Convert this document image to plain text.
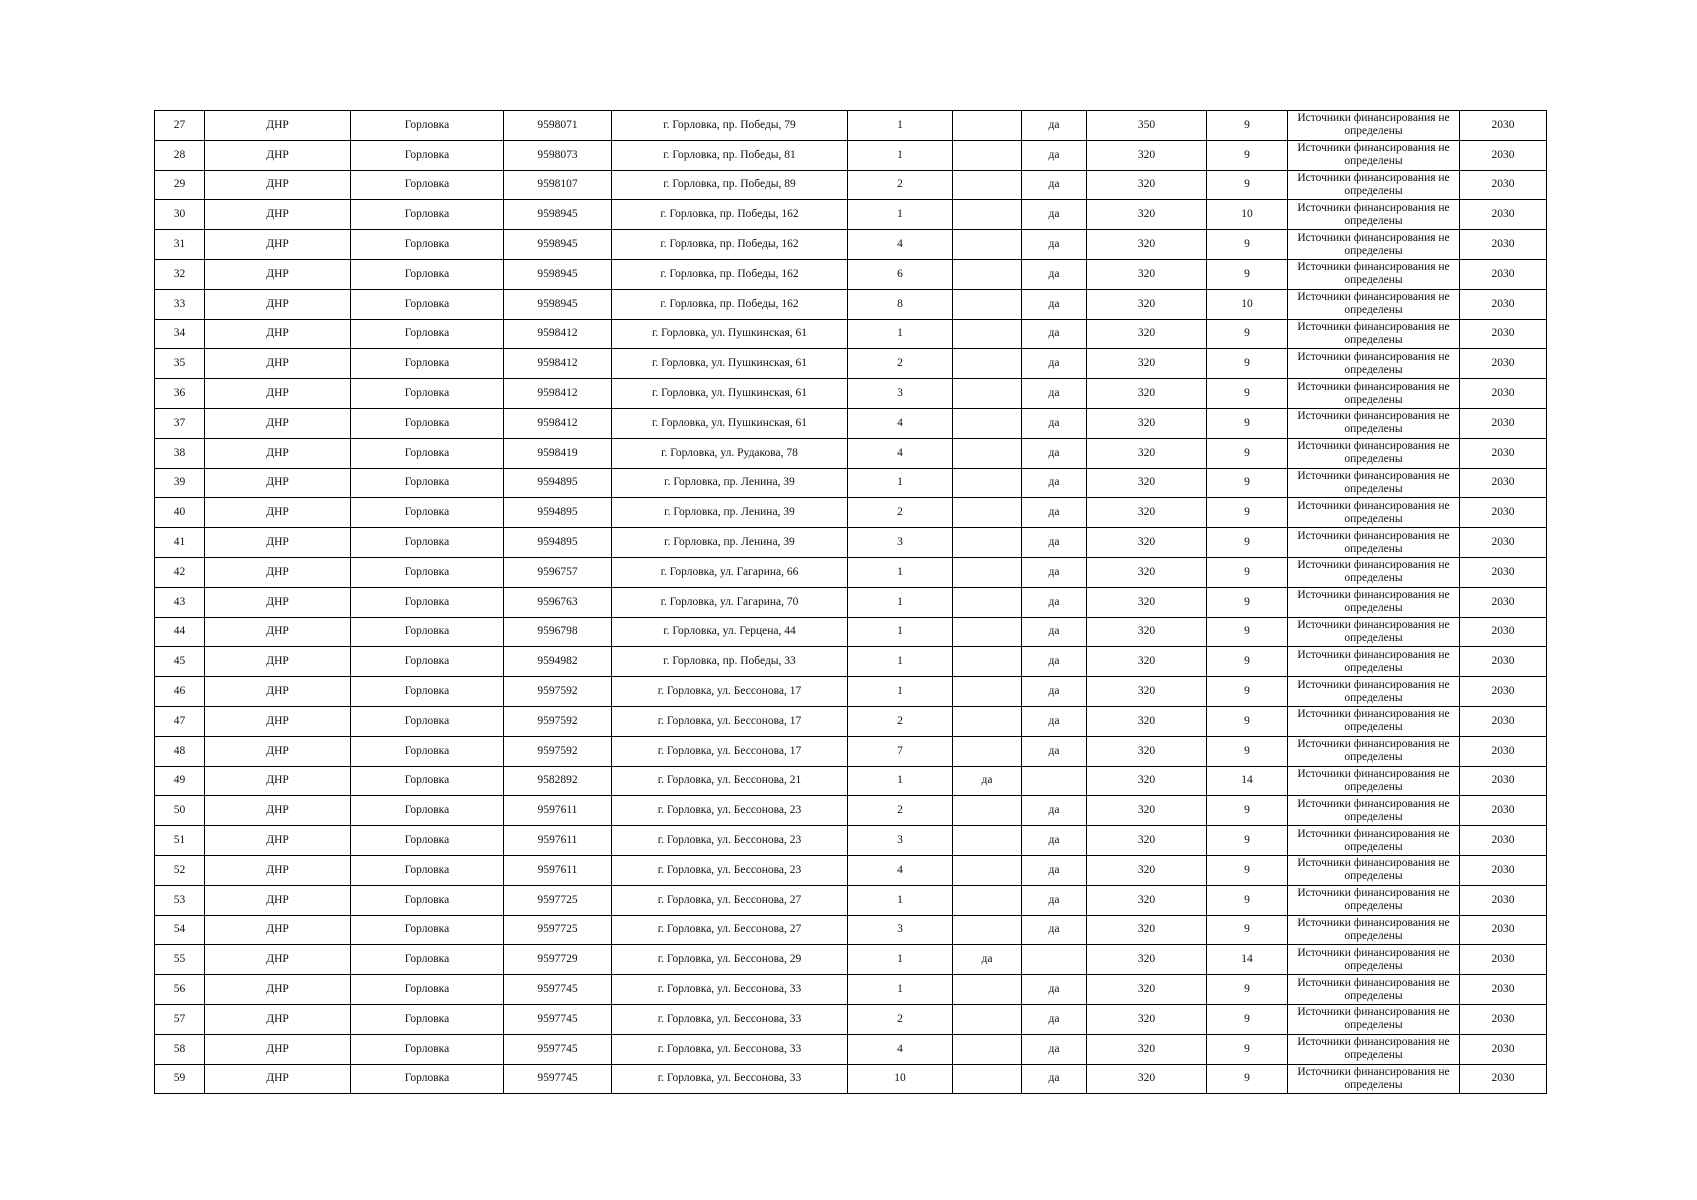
27	ДНР	Горловка	9598071	г. Горловка, пр. Победы, 79	1		да	350	9	Источники финансирования не определены	2030
28	ДНР	Горловка	9598073	г. Горловка, пр. Победы, 81	1		да	320	9	Источники финансирования не определены	2030
29	ДНР	Горловка	9598107	г. Горловка, пр. Победы, 89	2		да	320	9	Источники финансирования не определены	2030
30	ДНР	Горловка	9598945	г. Горловка, пр. Победы, 162	1		да	320	10	Источники финансирования не определены	2030
31	ДНР	Горловка	9598945	г. Горловка, пр. Победы, 162	4		да	320	9	Источники финансирования не определены	2030
32	ДНР	Горловка	9598945	г. Горловка, пр. Победы, 162	6		да	320	9	Источники финансирования не определены	2030
33	ДНР	Горловка	9598945	г. Горловка, пр. Победы, 162	8		да	320	10	Источники финансирования не определены	2030
34	ДНР	Горловка	9598412	г. Горловка, ул. Пушкинская, 61	1		да	320	9	Источники финансирования не определены	2030
35	ДНР	Горловка	9598412	г. Горловка, ул. Пушкинская, 61	2		да	320	9	Источники финансирования не определены	2030
36	ДНР	Горловка	9598412	г. Горловка, ул. Пушкинская, 61	3		да	320	9	Источники финансирования не определены	2030
37	ДНР	Горловка	9598412	г. Горловка, ул. Пушкинская, 61	4		да	320	9	Источники финансирования не определены	2030
38	ДНР	Горловка	9598419	г. Горловка, ул. Рудакова, 78	4		да	320	9	Источники финансирования не определены	2030
39	ДНР	Горловка	9594895	г. Горловка, пр. Ленина, 39	1		да	320	9	Источники финансирования не определены	2030
40	ДНР	Горловка	9594895	г. Горловка, пр. Ленина, 39	2		да	320	9	Источники финансирования не определены	2030
41	ДНР	Горловка	9594895	г. Горловка, пр. Ленина, 39	3		да	320	9	Источники финансирования не определены	2030
42	ДНР	Горловка	9596757	г. Горловка, ул. Гагарина, 66	1		да	320	9	Источники финансирования не определены	2030
43	ДНР	Горловка	9596763	г. Горловка, ул. Гагарина, 70	1		да	320	9	Источники финансирования не определены	2030
44	ДНР	Горловка	9596798	г. Горловка, ул. Герцена, 44	1		да	320	9	Источники финансирования не определены	2030
45	ДНР	Горловка	9594982	г. Горловка, пр. Победы, 33	1		да	320	9	Источники финансирования не определены	2030
46	ДНР	Горловка	9597592	г. Горловка, ул. Бессонова, 17	1		да	320	9	Источники финансирования не определены	2030
47	ДНР	Горловка	9597592	г. Горловка, ул. Бессонова, 17	2		да	320	9	Источники финансирования не определены	2030
48	ДНР	Горловка	9597592	г. Горловка, ул. Бессонова, 17	7		да	320	9	Источники финансирования не определены	2030
49	ДНР	Горловка	9582892	г. Горловка, ул. Бессонова, 21	1	да		320	14	Источники финансирования не определены	2030
50	ДНР	Горловка	9597611	г. Горловка, ул. Бессонова, 23	2		да	320	9	Источники финансирования не определены	2030
51	ДНР	Горловка	9597611	г. Горловка, ул. Бессонова, 23	3		да	320	9	Источники финансирования не определены	2030
52	ДНР	Горловка	9597611	г. Горловка, ул. Бессонова, 23	4		да	320	9	Источники финансирования не определены	2030
53	ДНР	Горловка	9597725	г. Горловка, ул. Бессонова, 27	1		да	320	9	Источники финансирования не определены	2030
54	ДНР	Горловка	9597725	г. Горловка, ул. Бессонова, 27	3		да	320	9	Источники финансирования не определены	2030
55	ДНР	Горловка	9597729	г. Горловка, ул. Бессонова, 29	1	да		320	14	Источники финансирования не определены	2030
56	ДНР	Горловка	9597745	г. Горловка, ул. Бессонова, 33	1		да	320	9	Источники финансирования не определены	2030
57	ДНР	Горловка	9597745	г. Горловка, ул. Бессонова, 33	2		да	320	9	Источники финансирования не определены	2030
58	ДНР	Горловка	9597745	г. Горловка, ул. Бессонова, 33	4		да	320	9	Источники финансирования не определены	2030
59	ДНР	Горловка	9597745	г. Горловка, ул. Бессонова, 33	10		да	320	9	Источники финансирования не определены	2030
